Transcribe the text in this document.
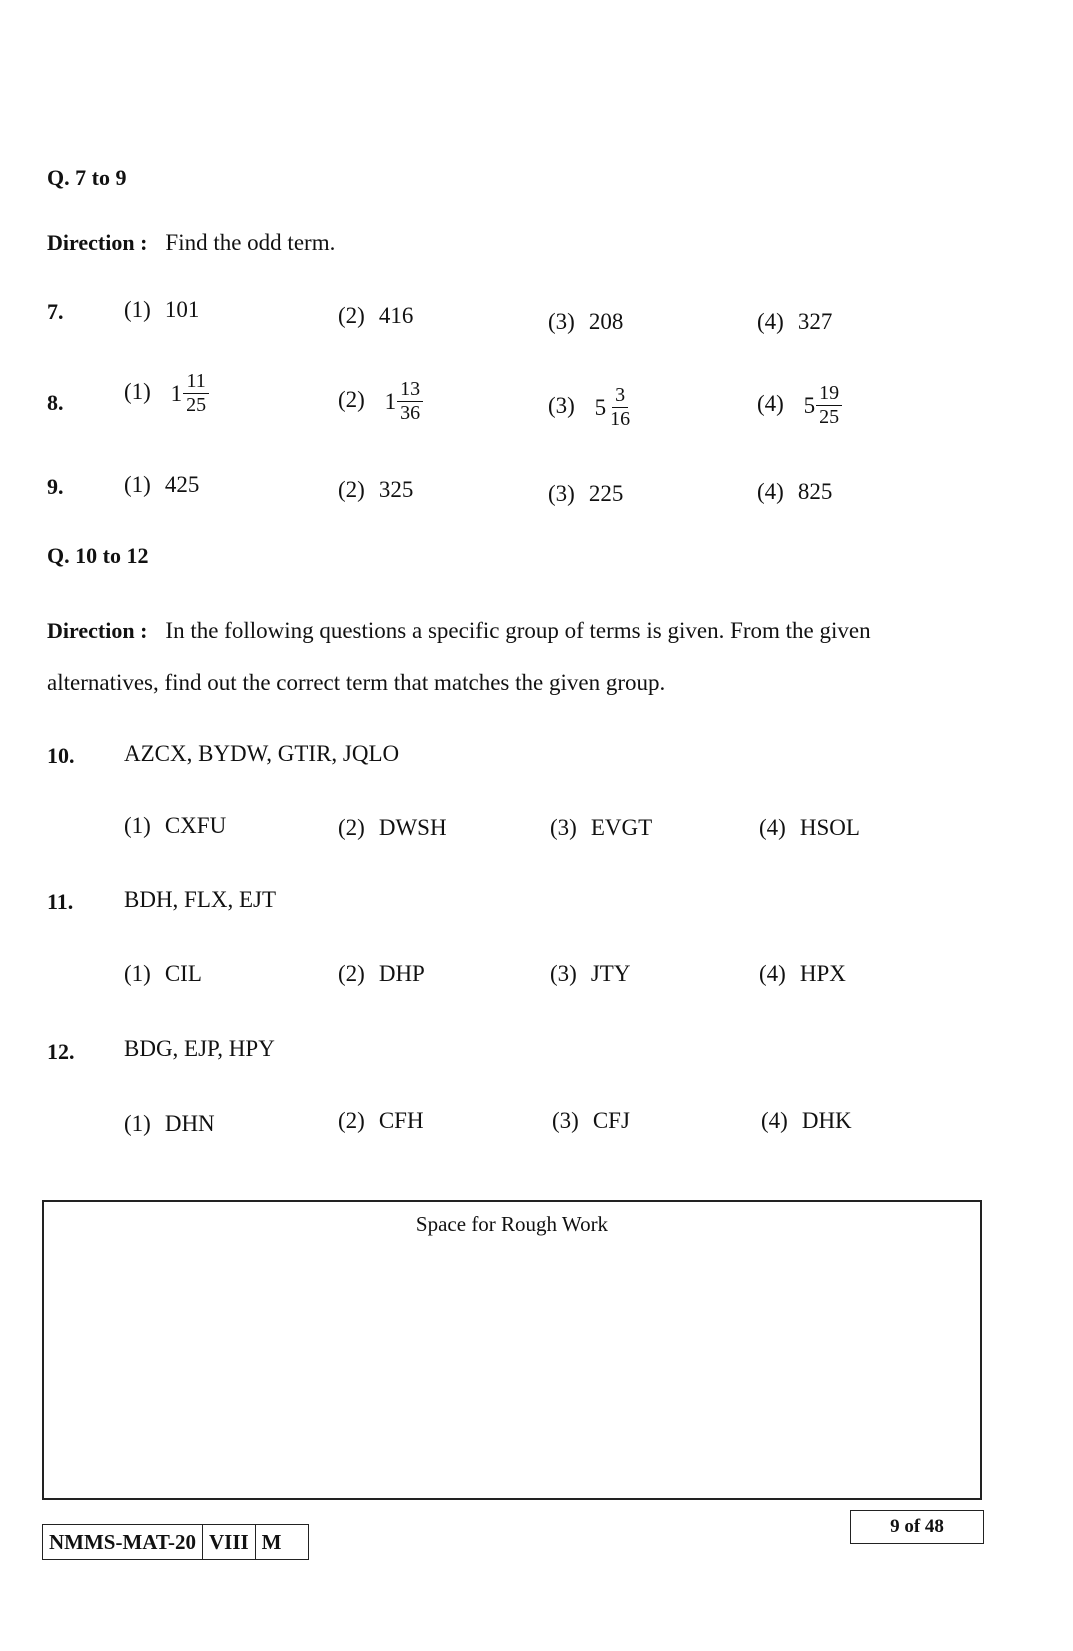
Q. 7 to 9
Direction : Find the odd term.
7.	(1) 101	(2) 416	(3) 208	(4) 327
8.	(1) $1 \frac{11}{25}$	(2) $1 \frac{13}{36}$	(3) $5 \frac{3}{16}$	(4) $5 \frac{19}{25}$
9.	(1) 425	(2) 325	(3) 225	(4) 825
Q. 10 to 12
Direction : In the following questions a specific group of terms is given. From the given
alternatives, find out the correct term that matches the given group.
10. AZCX, BYDW, GTIR, JQLO
(1) CXFU	(2) DWSH	(3) EVGT	(4) HSOL
11. BDH, FLX, EJT
(1) CIL	(2) DHP	(3) JTY	(4) HPX
12. BDG, EJP, HPY
(1) DHN	(2) CFH	(3) CFJ	(4) DHK
Space for Rough Work
NMMS-MAT-20 VIII M
9 of 48
